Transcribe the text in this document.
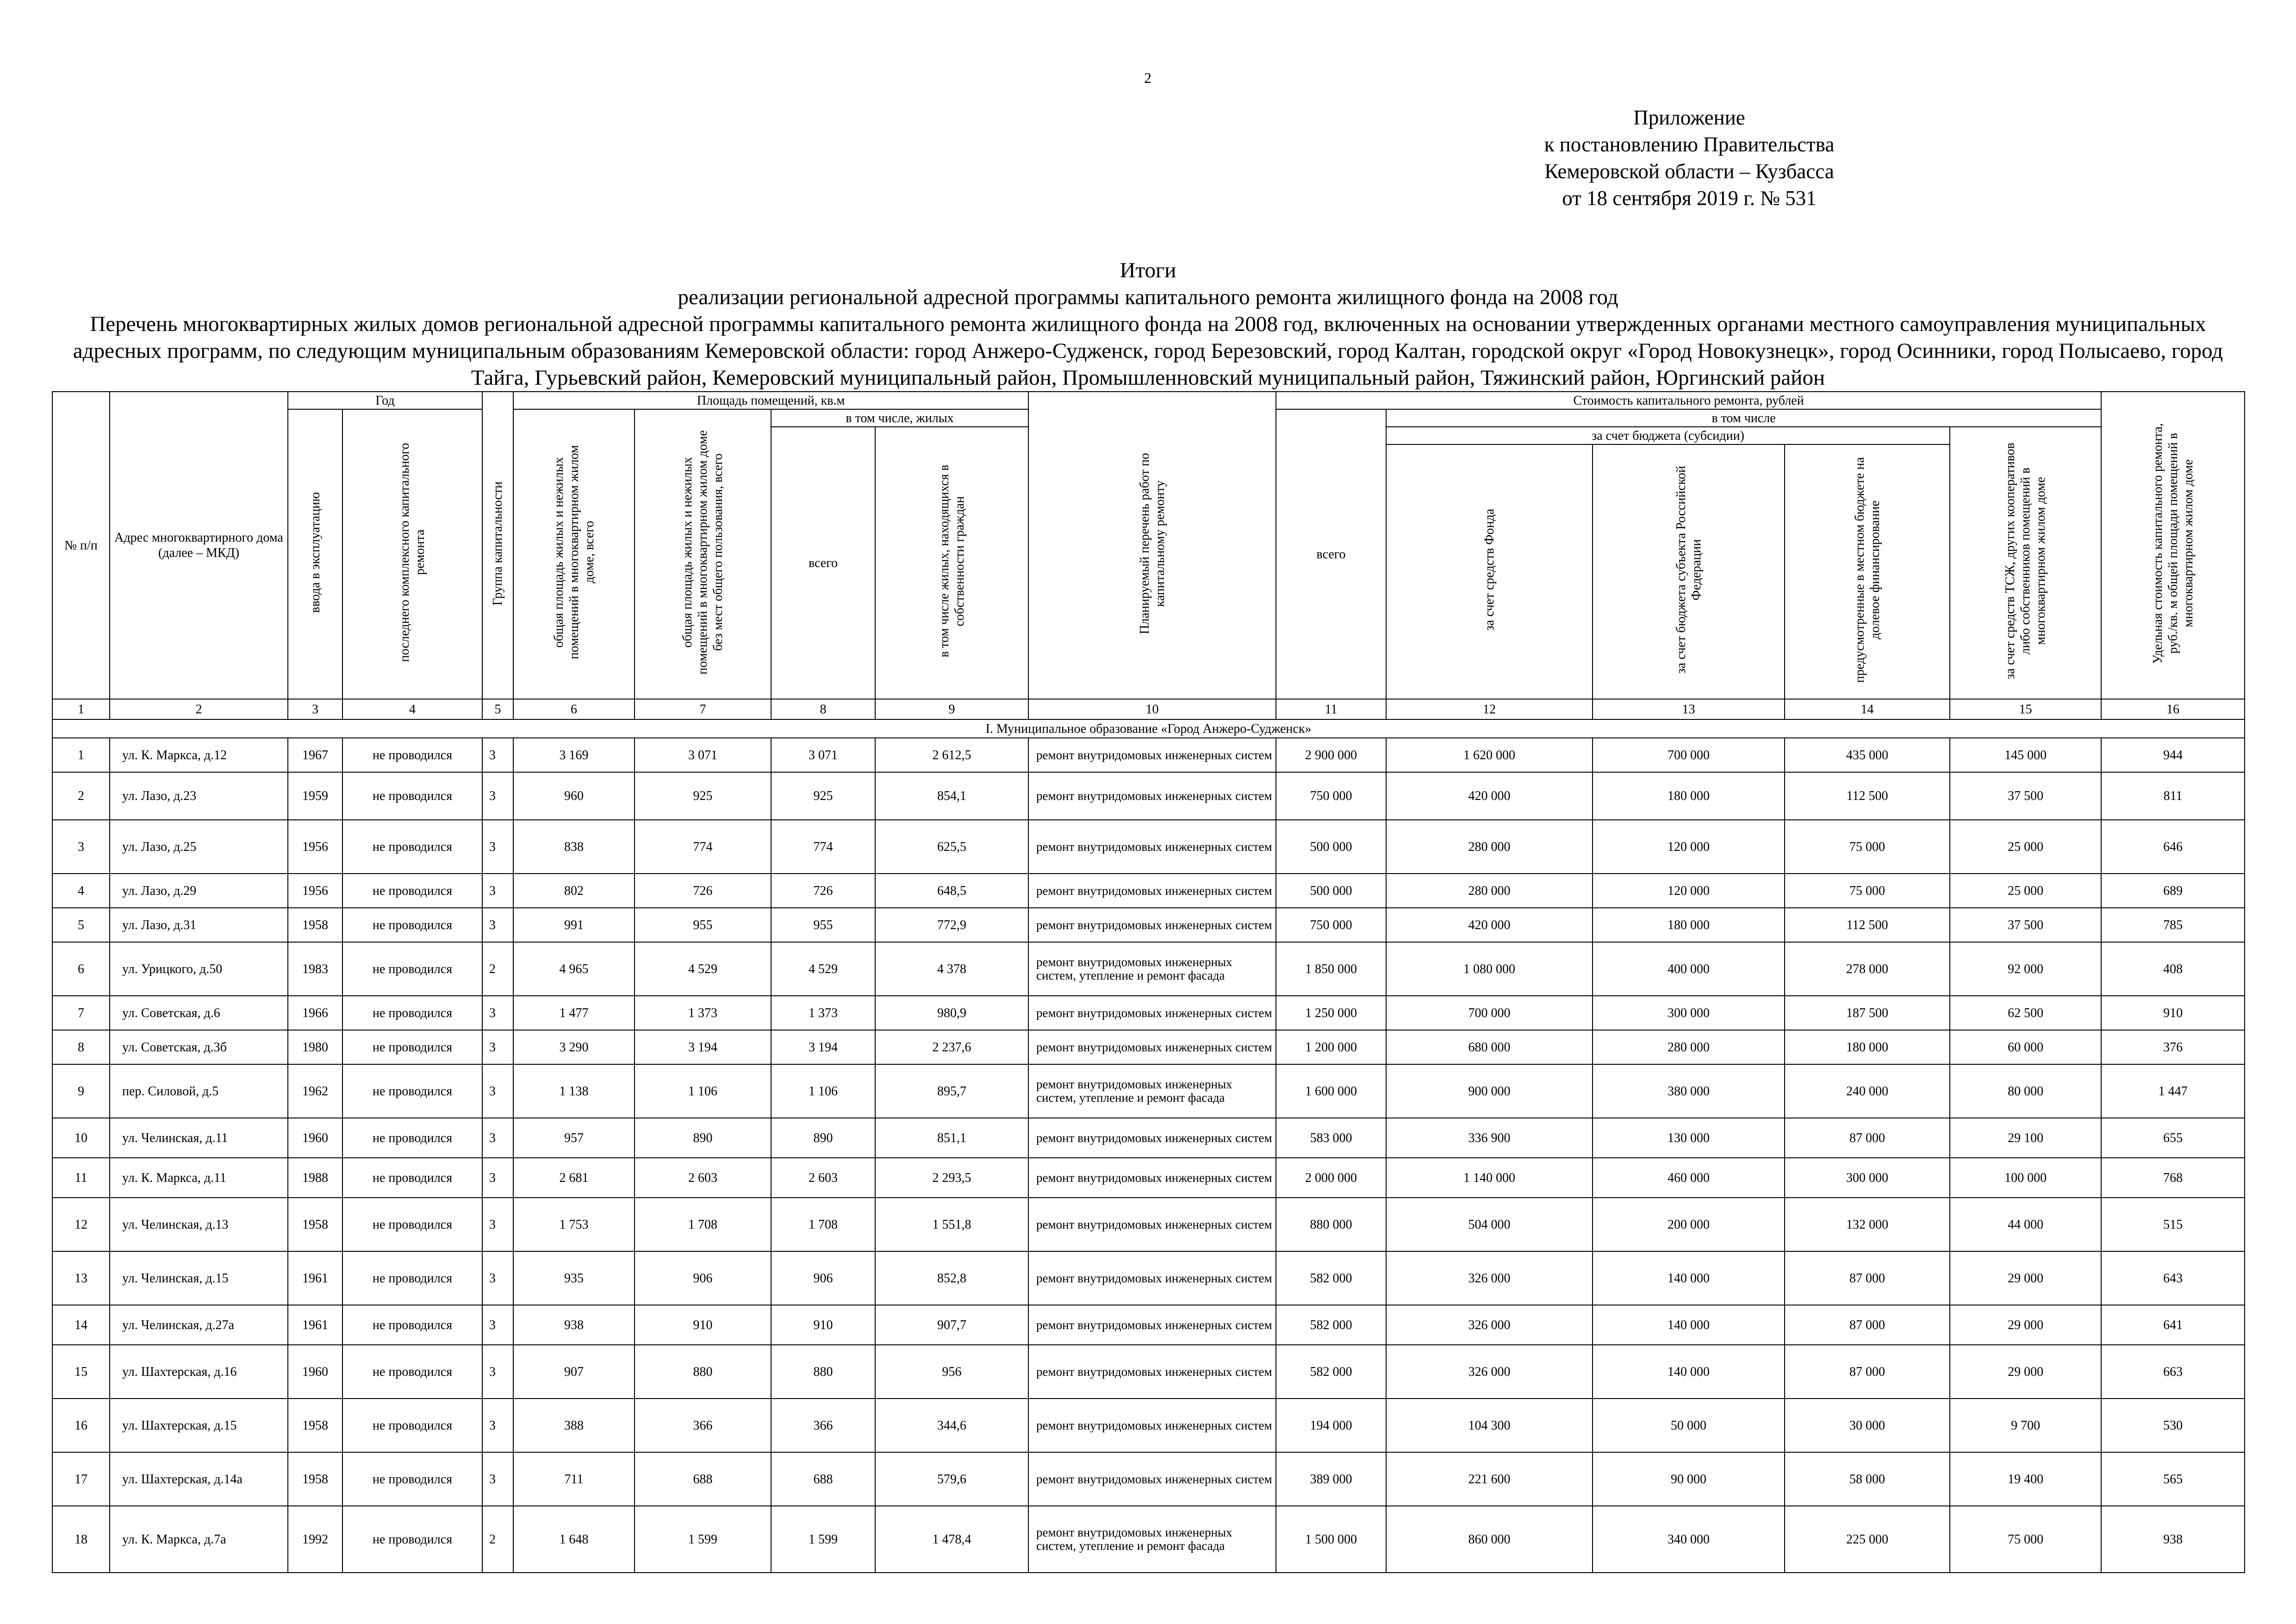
2
Приложение
к постановлению Правительства
Кемеровской области – Кузбасса
от 18 сентября 2019 г. № 531
Итоги
реализации региональной адресной программы капитального ремонта жилищного фонда на 2008 год
Перечень многоквартирных жилых домов региональной адресной программы капитального ремонта жилищного фонда на 2008 год, включенных на основании утвержденных органами местного самоуправления муниципальных адресных программ, по следующим муниципальным образованиям Кемеровской области: город Анжеро-Судженск, город Березовский, город Калтан, городской округ «Город Новокузнецк», город Осинники, город Полысаево, город Тайга, Гурьевский район, Кемеровский муниципальный район, Промышленновский муниципальный район, Тяжинский район, Юргинский район
№ п/п	Адрес многоквартирного дома (далее – МКД)	Год		Группа капитальности	Площадь помещений, кв.м				Планируемый перечень работ по капитальному ремонту	Стоимость капитального ремонта, рублей					Удельная стоимость капитального ремонта, руб./кв. м общей площади помещений в многоквартирном жилом доме
		ввода в эксплуатацию	последнего комплексного капитального ремонта		общая площадь жилых и нежилых помещений в многоквартирном жилом доме, всего	общая площадь жилых и нежилых помещений в многоквартирном жилом доме без мест общего пользования, всего	в том числе, жилых			всего	в том числе				
							всего	в том числе жилых, находящихся в собственности граждан			за счет бюджета (субсидии)			за счет средств ТСЖ, других кооперативов либо собственников помещений в многоквартирном жилом доме	
											за счет средств Фонда	за счет бюджета субъекта Российской Федерации	предусмотренные в местном бюджете на долевое финансирование		

1	2	3	4	5	6	7	8	9	10	11	12	13	14	15	16
I. Муниципальное образование «Город Анжеро-Судженск»															
1	ул. К. Маркса, д.12	1967	не проводился	3	3 169	3 071	3 071	2 612,5	ремонт внутридомовых инженерных систем	2 900 000	1 620 000	700 000	435 000	145 000	944
2	ул. Лазо, д.23	1959	не проводился	3	960	925	925	854,1	ремонт внутридомовых инженерных систем	750 000	420 000	180 000	112 500	37 500	811
3	ул. Лазо, д.25	1956	не проводился	3	838	774	774	625,5	ремонт внутридомовых инженерных систем	500 000	280 000	120 000	75 000	25 000	646
4	ул. Лазо, д.29	1956	не проводился	3	802	726	726	648,5	ремонт внутридомовых инженерных систем	500 000	280 000	120 000	75 000	25 000	689
5	ул. Лазо, д.31	1958	не проводился	3	991	955	955	772,9	ремонт внутридомовых инженерных систем	750 000	420 000	180 000	112 500	37 500	785
6	ул. Урицкого, д.50	1983	не проводился	2	4 965	4 529	4 529	4 378	ремонт внутридомовых инженерных систем, утепление и ремонт фасада	1 850 000	1 080 000	400 000	278 000	92 000	408
7	ул. Советская, д.6	1966	не проводился	3	1 477	1 373	1 373	980,9	ремонт внутридомовых инженерных систем	1 250 000	700 000	300 000	187 500	62 500	910
8	ул. Советская, д.3б	1980	не проводился	3	3 290	3 194	3 194	2 237,6	ремонт внутридомовых инженерных систем	1 200 000	680 000	280 000	180 000	60 000	376
9	пер. Силовой, д.5	1962	не проводился	3	1 138	1 106	1 106	895,7	ремонт внутридомовых инженерных систем, утепление и ремонт фасада	1 600 000	900 000	380 000	240 000	80 000	1 447
10	ул. Челинская, д.11	1960	не проводился	3	957	890	890	851,1	ремонт внутридомовых инженерных систем	583 000	336 900	130 000	87 000	29 100	655
11	ул. К. Маркса, д.11	1988	не проводился	3	2 681	2 603	2 603	2 293,5	ремонт внутридомовых инженерных систем	2 000 000	1 140 000	460 000	300 000	100 000	768
12	ул. Челинская, д.13	1958	не проводился	3	1 753	1 708	1 708	1 551,8	ремонт внутридомовых инженерных систем	880 000	504 000	200 000	132 000	44 000	515
13	ул. Челинская, д.15	1961	не проводился	3	935	906	906	852,8	ремонт внутридомовых инженерных систем	582 000	326 000	140 000	87 000	29 000	643
14	ул. Челинская, д.27а	1961	не проводился	3	938	910	910	907,7	ремонт внутридомовых инженерных систем	582 000	326 000	140 000	87 000	29 000	641
15	ул. Шахтерская, д.16	1960	не проводился	3	907	880	880	956	ремонт внутридомовых инженерных систем	582 000	326 000	140 000	87 000	29 000	663
16	ул. Шахтерская, д.15	1958	не проводился	3	388	366	366	344,6	ремонт внутридомовых инженерных систем	194 000	104 300	50 000	30 000	9 700	530
17	ул. Шахтерская, д.14а	1958	не проводился	3	711	688	688	579,6	ремонт внутридомовых инженерных систем	389 000	221 600	90 000	58 000	19 400	565
18	ул. К. Маркса, д.7а	1992	не проводился	2	1 648	1 599	1 599	1 478,4	ремонт внутридомовых инженерных систем, утепление и ремонт фасада	1 500 000	860 000	340 000	225 000	75 000	938
